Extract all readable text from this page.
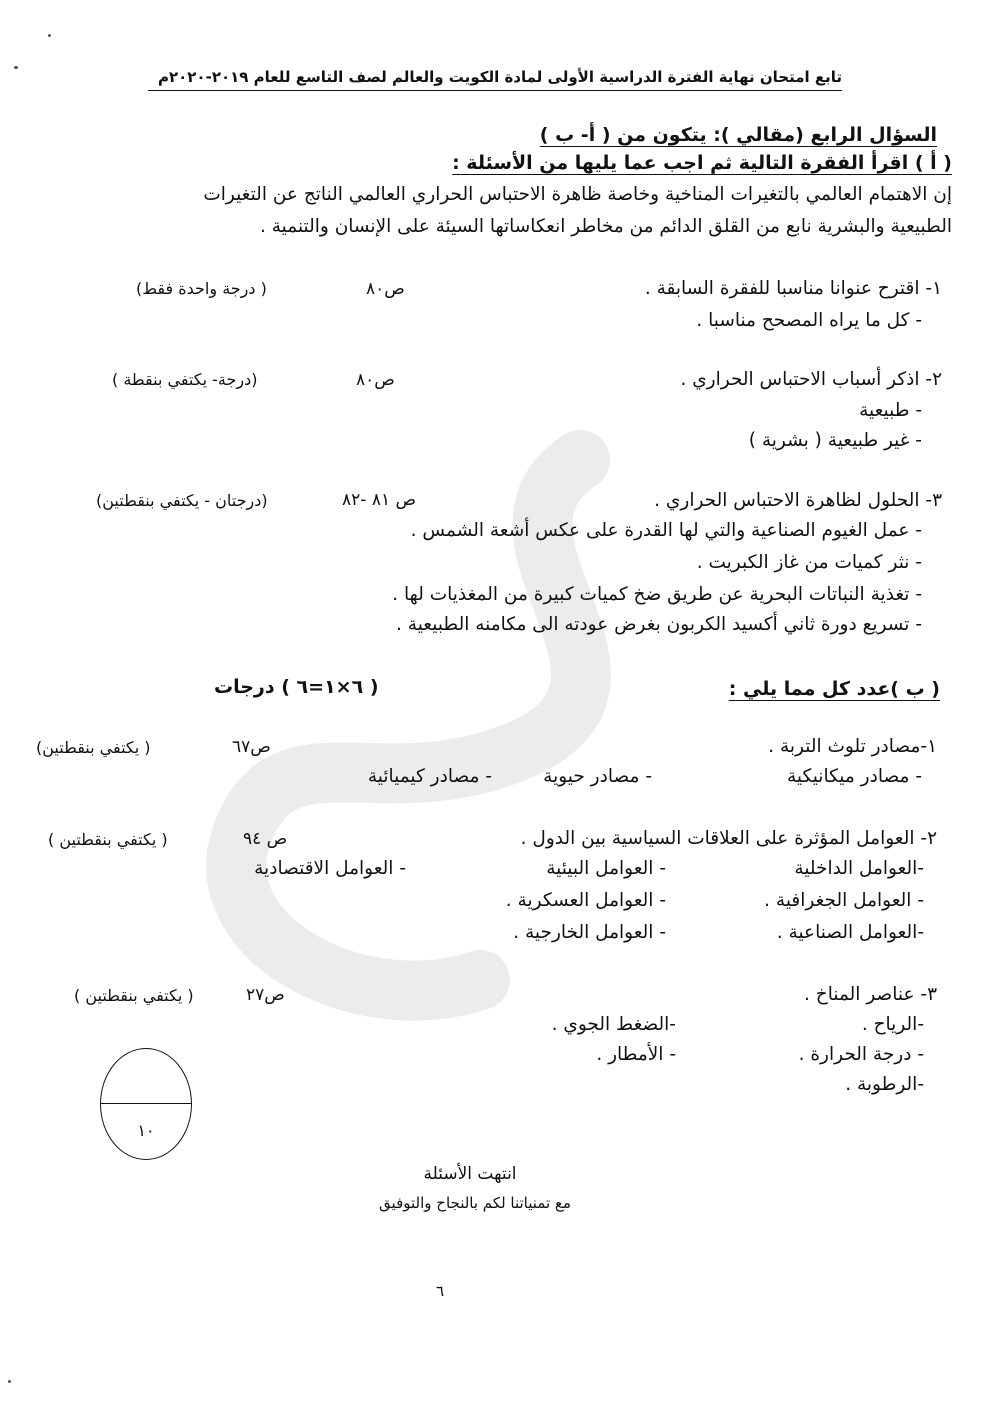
تابع امتحان نهاية الفترة الدراسية الأولى لمادة الكويت والعالم لصف التاسع للعام ٢٠١٩-٢٠٢٠م
السؤال الرابع (مقالي ): يتكون من ( أ- ب )
( أ ) اقرأ الفقرة التالية ثم اجب عما يليها من الأسئلة :
إن الاهتمام العالمي بالتغيرات المناخية وخاصة ظاهرة الاحتباس الحراري العالمي الناتج عن التغيرات
الطبيعية والبشرية نابع من القلق الدائم من مخاطر انعكاساتها السيئة على الإنسان والتنمية .
١- اقترح عنوانا مناسبا للفقرة السابقة .
ص٨٠
( درجة واحدة فقط)
- كل ما يراه المصحح مناسبا .
٢- اذكر أسباب الاحتباس الحراري .
ص٨٠
(درجة- يكتفي بنقطة )
- طبيعية
- غير طبيعية ( بشرية )
٣- الحلول لظاهرة الاحتباس الحراري .
ص ٨١ -٨٢
(درجتان - يكتفي بنقطتين)
- عمل الغيوم الصناعية والتي لها القدرة على عكس أشعة الشمس .
- نثر كميات من غاز الكبريت .
- تغذية النباتات البحرية عن طريق ضخ كميات كبيرة من المغذيات لها .
- تسريع دورة ثاني أكسيد الكربون بغرض عودته الى مكامنه الطبيعية .
( ب )عدد كل مما يلي :
( ٦×١=٦ ) درجات
١-مصادر تلوث التربة .
ص٦٧
( يكتفي بنقطتين)
- مصادر ميكانيكية
- مصادر حيوية
- مصادر كيميائية
٢- العوامل المؤثرة على العلاقات السياسية بين الدول .
ص ٩٤
( يكتفي بنقطتين )
-العوامل الداخلية
- العوامل البيئية
- العوامل الاقتصادية
- العوامل الجغرافية .
- العوامل العسكرية .
-العوامل الصناعية .
- العوامل الخارجية .
٣- عناصر المناخ .
ص٢٧
( يكتفي بنقطتين )
-الرياح .
-الضغط الجوي .
- درجة الحرارة .
- الأمطار .
-الرطوبة .
١٠
انتهت الأسئلة
مع تمنياتنا لكم بالنجاح والتوفيق
٦
